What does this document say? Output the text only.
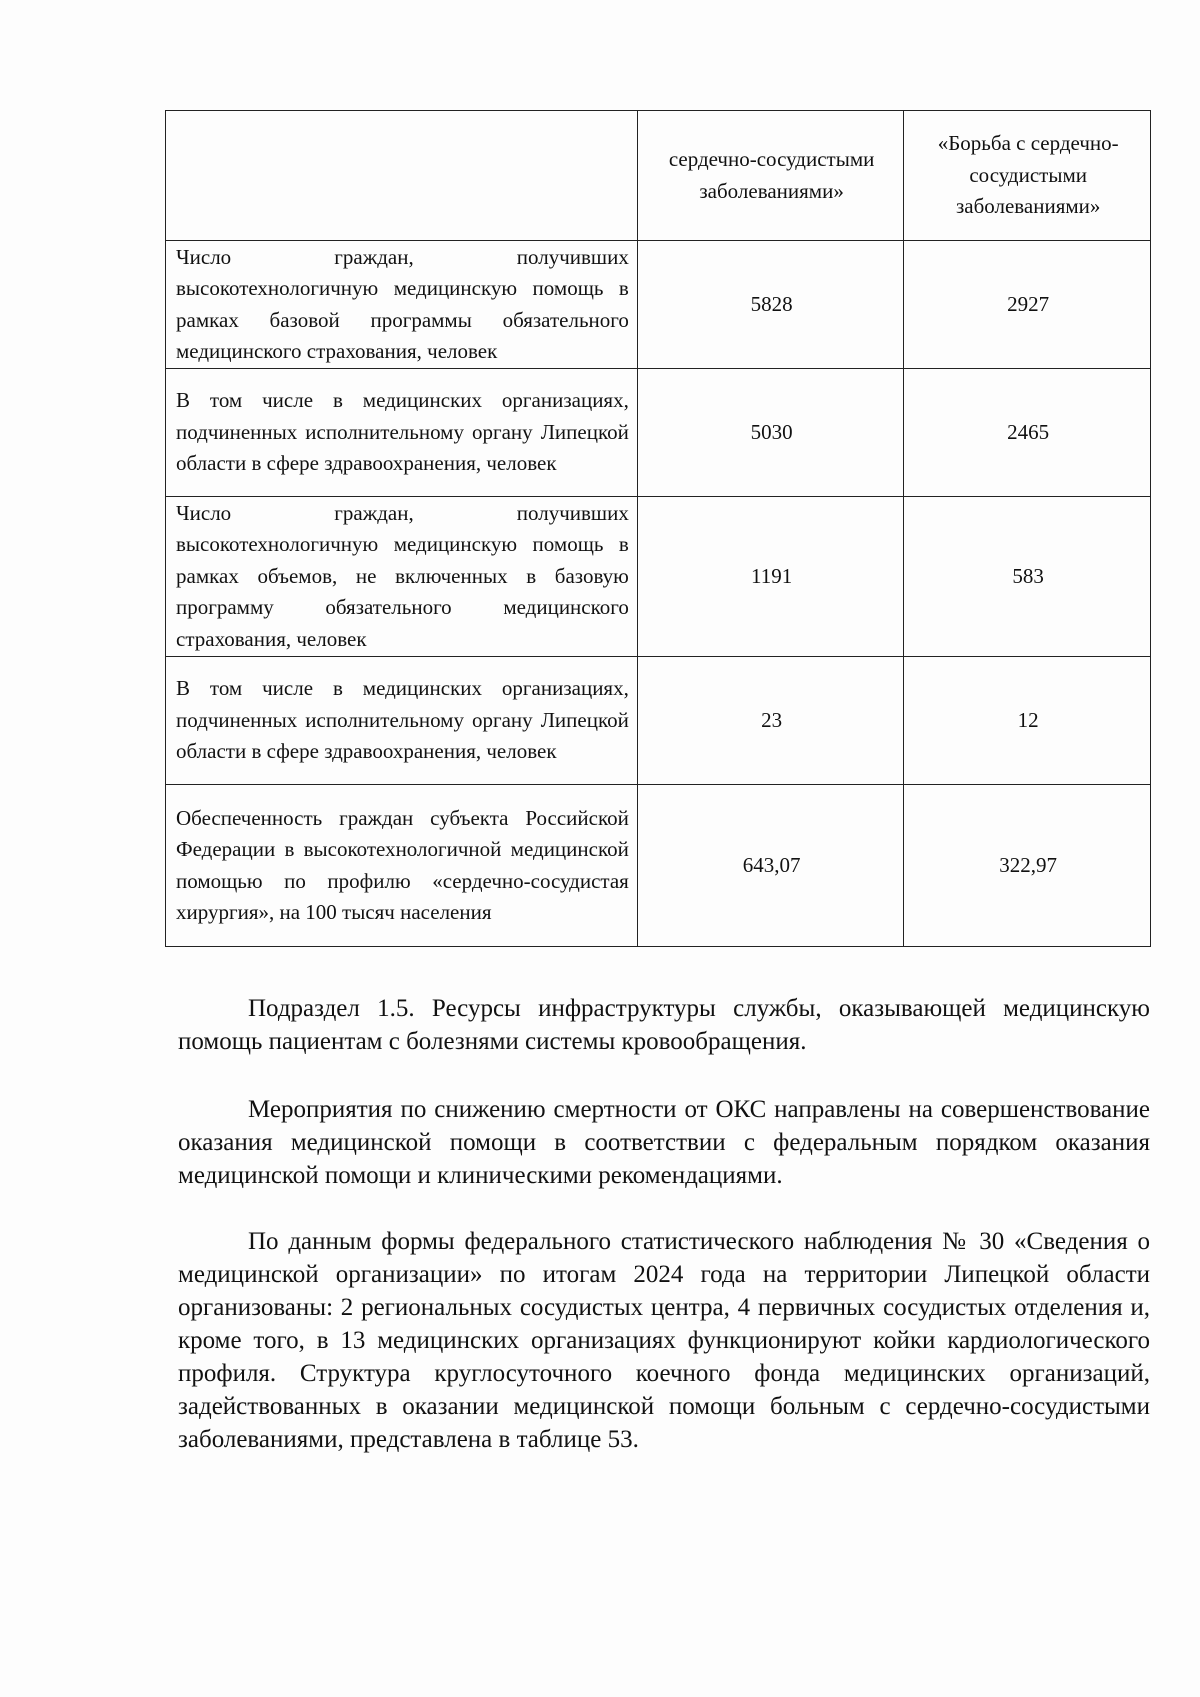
	сердечно-сосудистыми заболеваниями»	«Борьба с сердечно-сосудистыми заболеваниями»
Число граждан, получивших высокотехнологичную медицинскую помощь в рамках базовой программы обязательного медицинского страхования, человек	5828	2927
В том числе в медицинских организациях, подчиненных исполнительному органу Липецкой области в сфере здравоохранения, человек	5030	2465
Число граждан, получивших высокотехнологичную медицинскую помощь в рамках объемов, не включенных в базовую программу обязательного медицинского страхования, человек	1191	583
В том числе в медицинских организациях, подчиненных исполнительному органу Липецкой области в сфере здравоохранения, человек	23	12
Обеспеченность граждан субъекта Российской Федерации в высокотехнологичной медицинской помощью по профилю «сердечно-сосудистая хирургия», на 100 тысяч населения	643,07	322,97

Подраздел 1.5. Ресурсы инфраструктуры службы, оказывающей медицинскую помощь пациентам с болезнями системы кровообращения.

Мероприятия по снижению смертности от ОКС направлены на совершенствование оказания медицинской помощи в соответствии с федеральным порядком оказания медицинской помощи и клиническими рекомендациями.

По данным формы федерального статистического наблюдения № 30 «Сведения о медицинской организации» по итогам 2024 года на территории Липецкой области организованы: 2 региональных сосудистых центра, 4 первичных сосудистых отделения и, кроме того, в 13 медицинских организациях функционируют койки кардиологического профиля. Структура круглосуточного коечного фонда медицинских организаций, задействованных в оказании медицинской помощи больным с сердечно-сосудистыми заболеваниями, представлена в таблице 53.
